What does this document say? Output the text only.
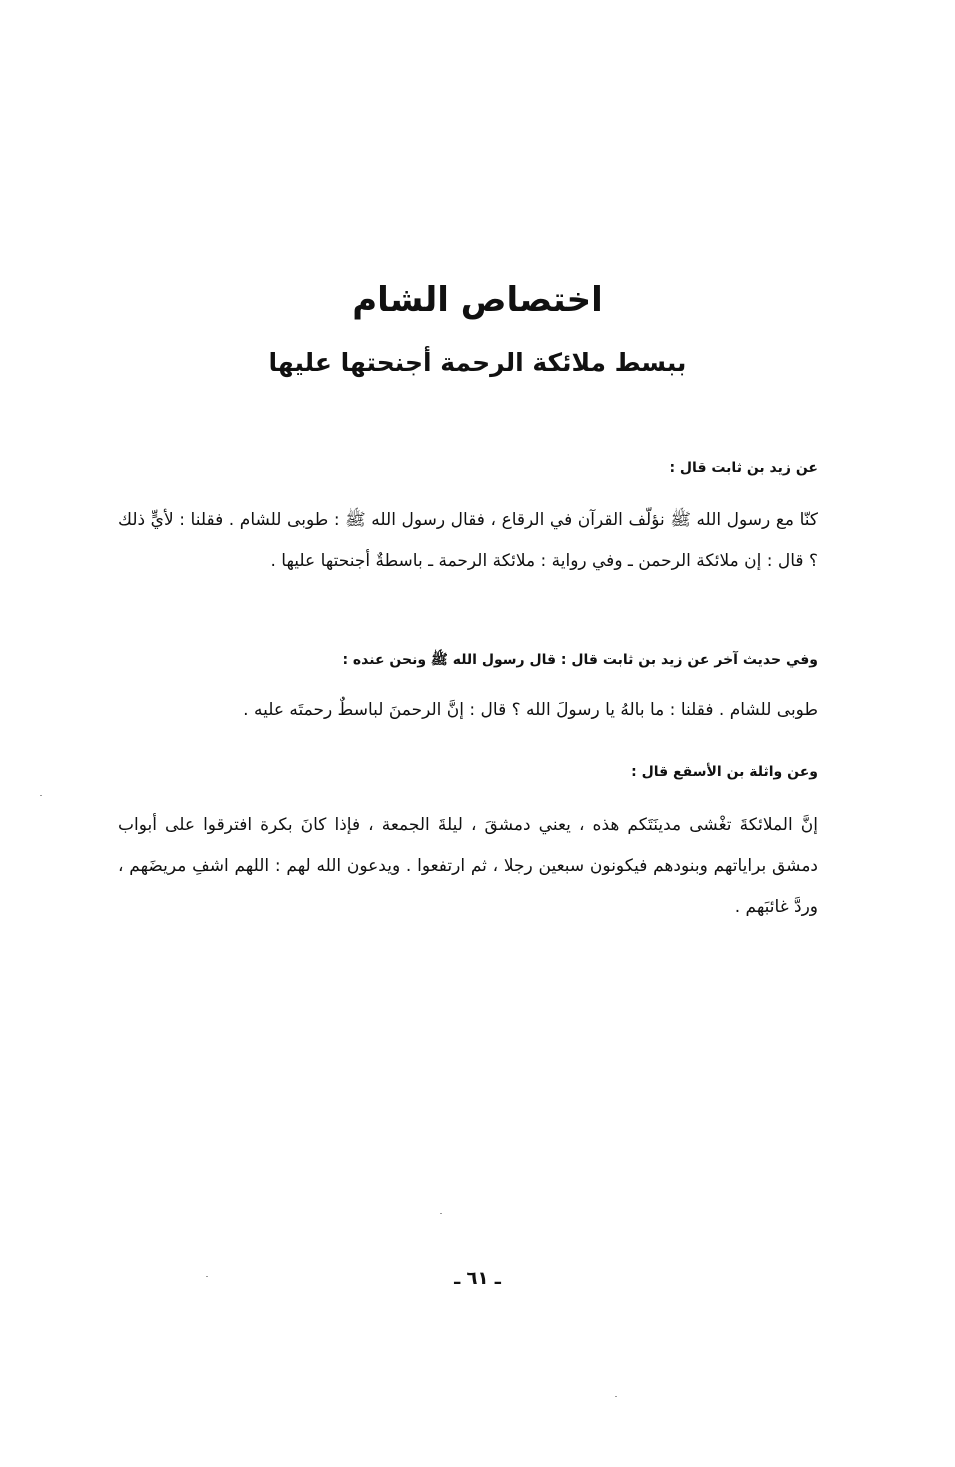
اختصاص الشام
ببسط ملائكة الرحمة أجنحتها عليها

عن زيد بن ثابت قال :

كنّا مع رسول الله ﷺ نؤلّف القرآن في الرقاع ، فقال رسول الله ﷺ : طوبى للشام . فقلنا : لأيٍّ ذلك ؟ قال : إن ملائكة الرحمن ـ وفي رواية : ملائكة الرحمة ـ باسطةٌ أجنحتها عليها .

وفي حديث آخر عن زيد بن ثابت قال : قال رسول الله ﷺ ونحن عنده :

طوبى للشام . فقلنا : ما بالهُ يا رسولَ الله ؟ قال : إنَّ الرحمنَ لباسطٌ رحمتَه عليه .

وعن واثلة بن الأسقع قال :

إنَّ الملائكةَ تغْشى مدينَتَكم هذه ، يعني دمشقَ ، ليلةَ الجمعة ، فإذا كانَ بكرة افترقوا على أبواب دمشق براياتهم وبنودهم فيكونون سبعين رجلا ، ثم ارتفعوا . ويدعون الله لهم : اللهم اشفِ مريضَهم ، وردَّ غائبَهم .

ـ ٦١ ـ
